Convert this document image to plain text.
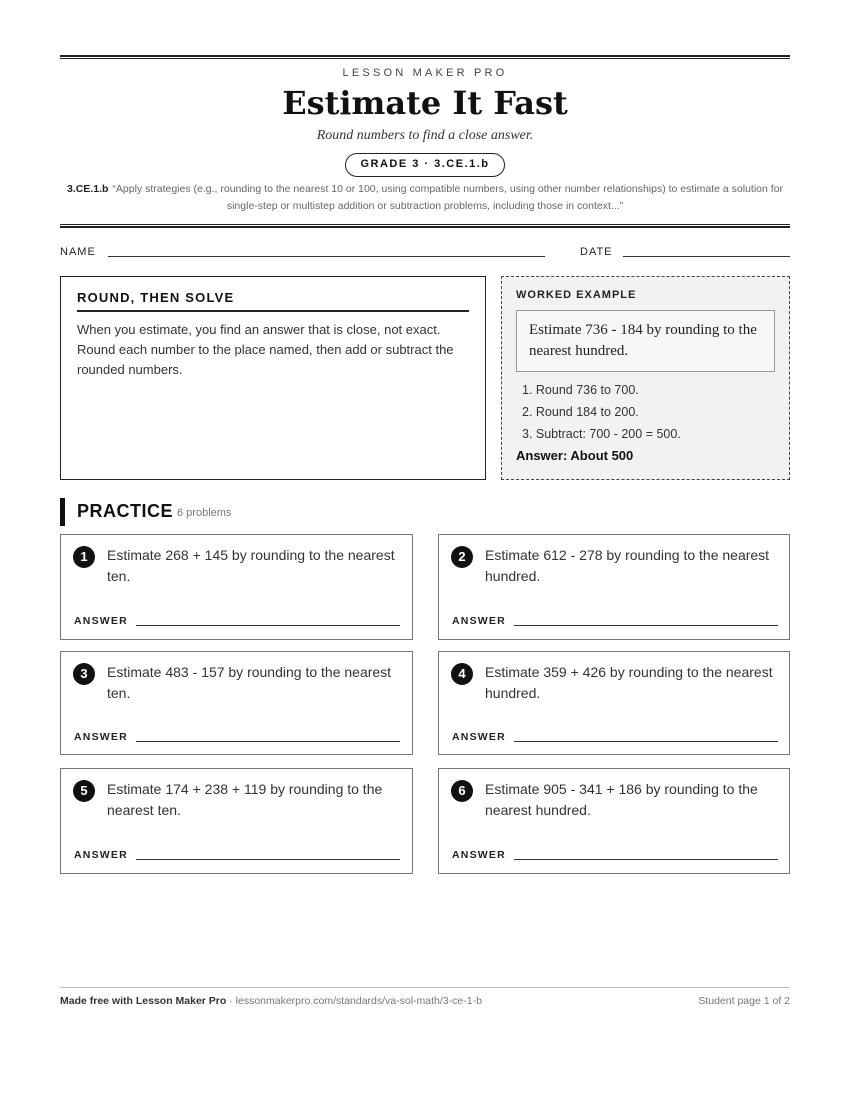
LESSON MAKER PRO
Estimate It Fast
Round numbers to find a close answer.
GRADE 3 · 3.CE.1.b
3.CE.1.b “Apply strategies (e.g., rounding to the nearest 10 or 100, using compatible numbers, using other number relationships) to estimate a solution for single-step or multistep addition or subtraction problems, including those in context...”
NAME	DATE
ROUND, THEN SOLVE
When you estimate, you find an answer that is close, not exact. Round each number to the place named, then add or subtract the rounded numbers.
WORKED EXAMPLE
Estimate 736 - 184 by rounding to the nearest hundred.
1. Round 736 to 700.
2. Round 184 to 200.
3. Subtract: 700 - 200 = 500.
Answer: About 500
PRACTICE 6 problems
1	Estimate 268 + 145 by rounding to the nearest ten.
ANSWER
2	Estimate 612 - 278 by rounding to the nearest hundred.
ANSWER
3	Estimate 483 - 157 by rounding to the nearest ten.
ANSWER
4	Estimate 359 + 426 by rounding to the nearest hundred.
ANSWER
5	Estimate 174 + 238 + 119 by rounding to the nearest ten.
ANSWER
6	Estimate 905 - 341 + 186 by rounding to the nearest hundred.
ANSWER
Made free with Lesson Maker Pro · lessonmakerpro.com/standards/va-sol-math/3-ce-1-b	Student page 1 of 2
